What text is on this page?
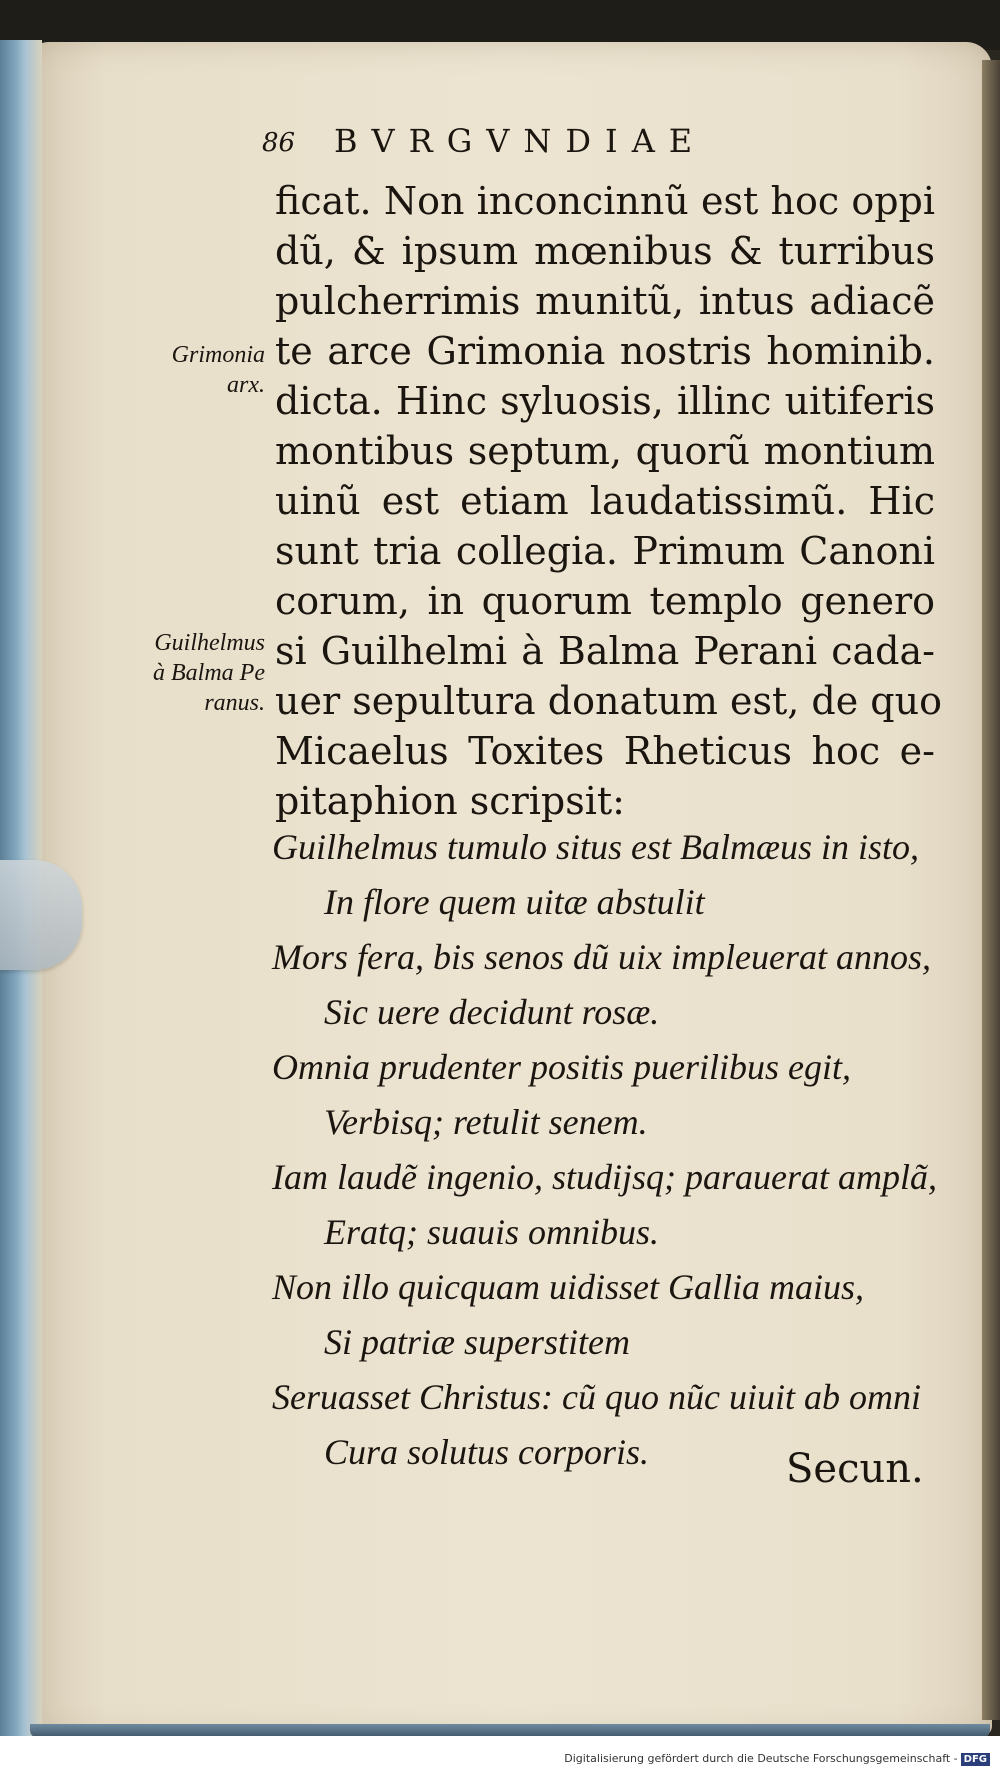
86 BVRGVNDIAE
Grimonia
arx.
Guilhelmus
à Balma Pe
ranus.
ficat. Non inconcinnũ est hoc oppi
dũ, & ipsum mœnibus & turribus
pulcherrimis munitũ, intus adiacẽ
te arce Grimonia nostris hominib.
dicta. Hinc syluosis, illinc uitiferis
montibus septum, quorũ montium
uinũ est etiam laudatissimũ. Hic
sunt tria collegia. Primum Canoni
corum, in quorum templo genero
si Guilhelmi à Balma Perani cada-
uer sepultura donatum est, de quo
Micaelus Toxites Rheticus hoc e-
pitaphion scripsit:
Guilhelmus tumulo situs est Balmæus in isto,
In flore quem uitæ abstulit
Mors fera, bis senos dũ uix impleuerat annos,
Sic uere decidunt rosæ.
Omnia prudenter positis puerilibus egit,
Verbisq; retulit senem.
Iam laudẽ ingenio, studijsq; parauerat amplã,
Eratq; suauis omnibus.
Non illo quicquam uidisset Gallia maius,
Si patriæ superstitem
Seruasset Christus: cũ quo nũc uiuit ab omni
Cura solutus corporis.	Secun.
Digitalisierung gefördert durch die Deutsche Forschungsgemeinschaft - DFG
